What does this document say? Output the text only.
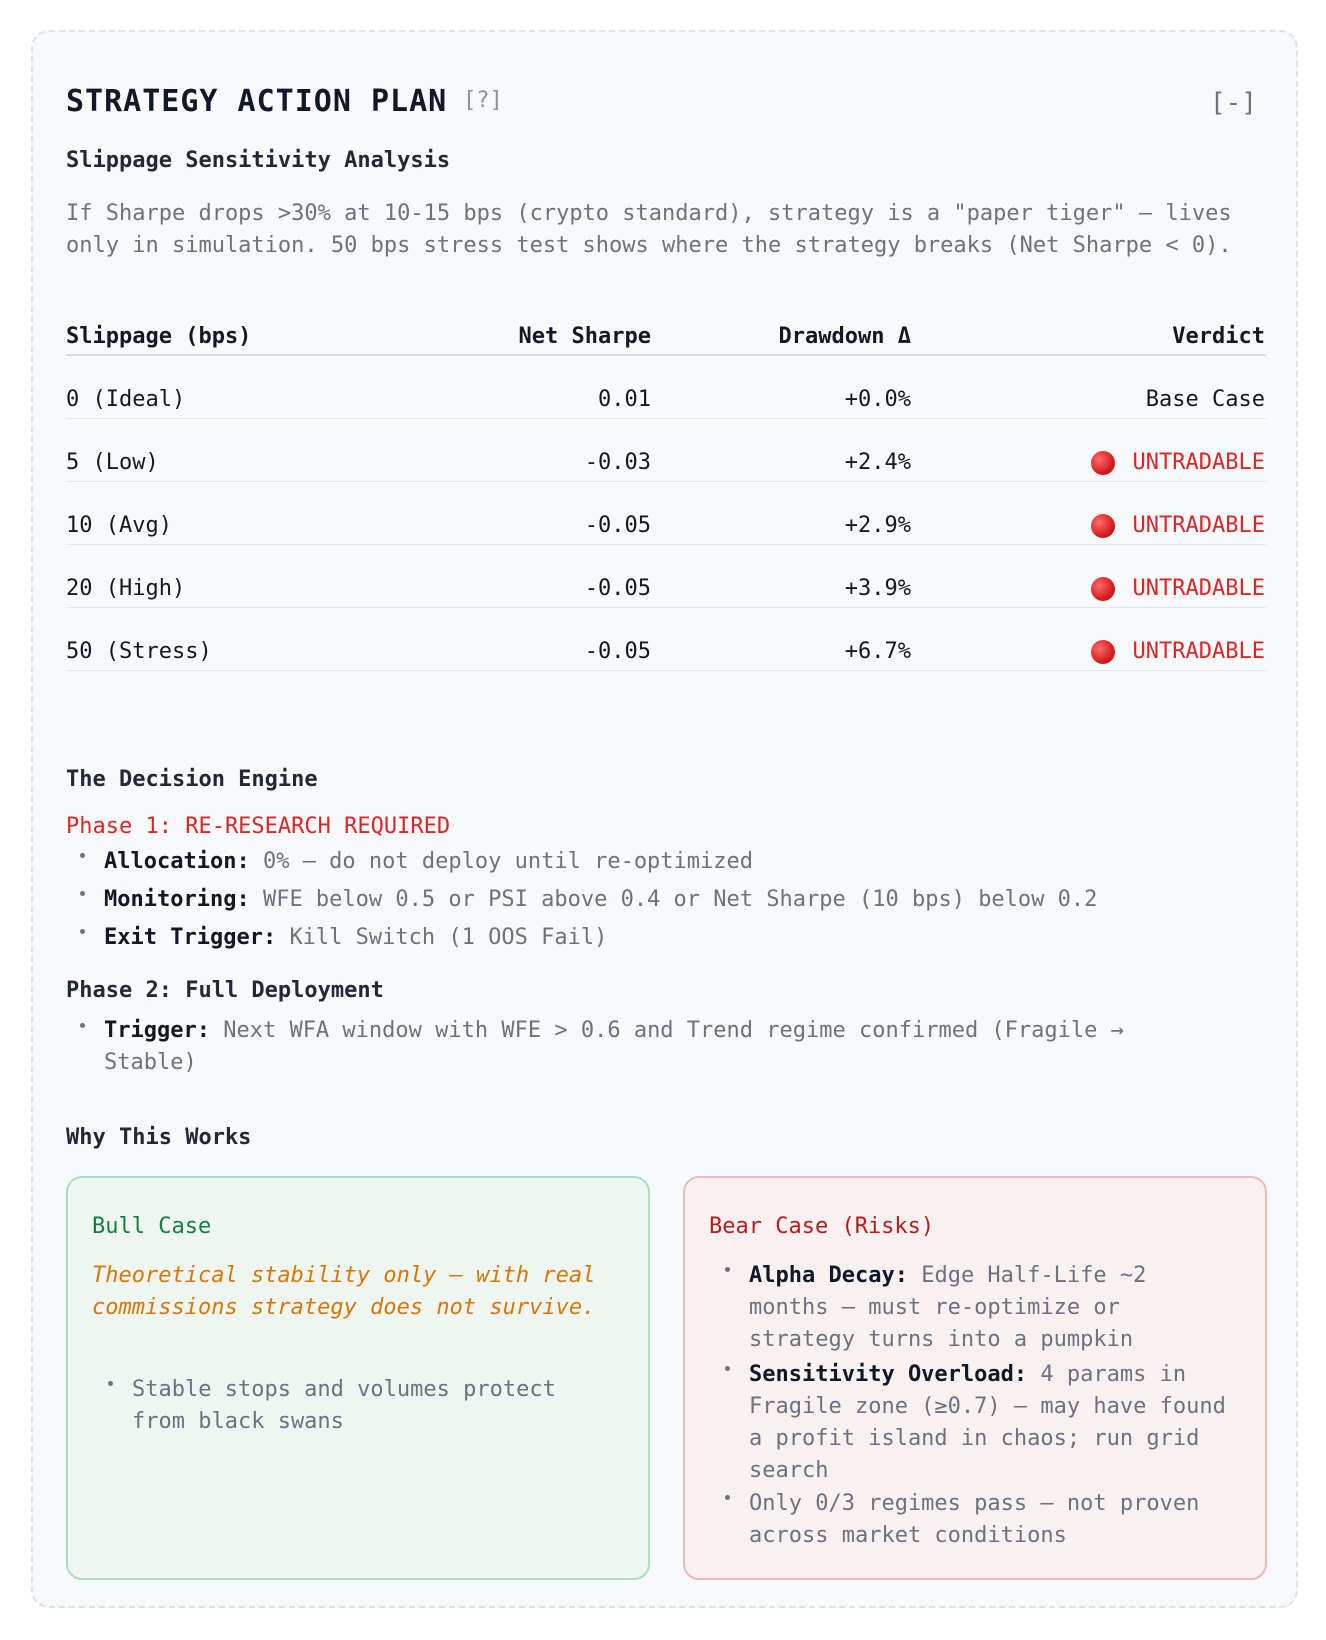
STRATEGY ACTION PLAN [?]	[-]
Slippage Sensitivity Analysis
If Sharpe drops >30% at 10-15 bps (crypto standard), strategy is a "paper tiger" — lives only in simulation. 50 bps stress test shows where the strategy breaks (Net Sharpe < 0).
Slippage (bps)	Net Sharpe	Drawdown Δ	Verdict
0 (Ideal)	0.01	+0.0%	Base Case
5 (Low)	-0.03	+2.4%	UNTRADABLE
10 (Avg)	-0.05	+2.9%	UNTRADABLE
20 (High)	-0.05	+3.9%	UNTRADABLE
50 (Stress)	-0.05	+6.7%	UNTRADABLE
The Decision Engine
Phase 1: RE-RESEARCH REQUIRED
Allocation: 0% — do not deploy until re-optimized
Monitoring: WFE below 0.5 or PSI above 0.4 or Net Sharpe (10 bps) below 0.2
Exit Trigger: Kill Switch (1 OOS Fail)
Phase 2: Full Deployment
Trigger: Next WFA window with WFE > 0.6 and Trend regime confirmed (Fragile → Stable)
Why This Works
Bull Case
Theoretical stability only — with real commissions strategy does not survive.
Stable stops and volumes protect from black swans
Bear Case (Risks)
Alpha Decay: Edge Half-Life ~2 months — must re-optimize or strategy turns into a pumpkin
Sensitivity Overload: 4 params in Fragile zone (≥0.7) — may have found a profit island in chaos; run grid search
Only 0/3 regimes pass — not proven across market conditions
